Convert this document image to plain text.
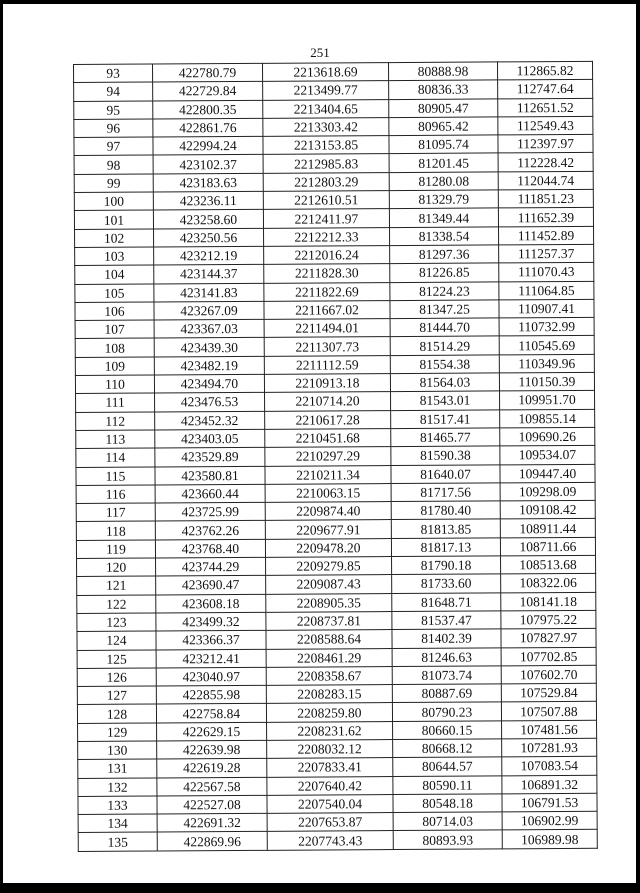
251
93	422780.79	2213618.69	80888.98	112865.82
94	422729.84	2213499.77	80836.33	112747.64
95	422800.35	2213404.65	80905.47	112651.52
96	422861.76	2213303.42	80965.42	112549.43
97	422994.24	2213153.85	81095.74	112397.97
98	423102.37	2212985.83	81201.45	112228.42
99	423183.63	2212803.29	81280.08	112044.74
100	423236.11	2212610.51	81329.79	111851.23
101	423258.60	2212411.97	81349.44	111652.39
102	423250.56	2212212.33	81338.54	111452.89
103	423212.19	2212016.24	81297.36	111257.37
104	423144.37	2211828.30	81226.85	111070.43
105	423141.83	2211822.69	81224.23	111064.85
106	423267.09	2211667.02	81347.25	110907.41
107	423367.03	2211494.01	81444.70	110732.99
108	423439.30	2211307.73	81514.29	110545.69
109	423482.19	2211112.59	81554.38	110349.96
110	423494.70	2210913.18	81564.03	110150.39
111	423476.53	2210714.20	81543.01	109951.70
112	423452.32	2210617.28	81517.41	109855.14
113	423403.05	2210451.68	81465.77	109690.26
114	423529.89	2210297.29	81590.38	109534.07
115	423580.81	2210211.34	81640.07	109447.40
116	423660.44	2210063.15	81717.56	109298.09
117	423725.99	2209874.40	81780.40	109108.42
118	423762.26	2209677.91	81813.85	108911.44
119	423768.40	2209478.20	81817.13	108711.66
120	423744.29	2209279.85	81790.18	108513.68
121	423690.47	2209087.43	81733.60	108322.06
122	423608.18	2208905.35	81648.71	108141.18
123	423499.32	2208737.81	81537.47	107975.22
124	423366.37	2208588.64	81402.39	107827.97
125	423212.41	2208461.29	81246.63	107702.85
126	423040.97	2208358.67	81073.74	107602.70
127	422855.98	2208283.15	80887.69	107529.84
128	422758.84	2208259.80	80790.23	107507.88
129	422629.15	2208231.62	80660.15	107481.56
130	422639.98	2208032.12	80668.12	107281.93
131	422619.28	2207833.41	80644.57	107083.54
132	422567.58	2207640.42	80590.11	106891.32
133	422527.08	2207540.04	80548.18	106791.53
134	422691.32	2207653.87	80714.03	106902.99
135	422869.96	2207743.43	80893.93	106989.98
